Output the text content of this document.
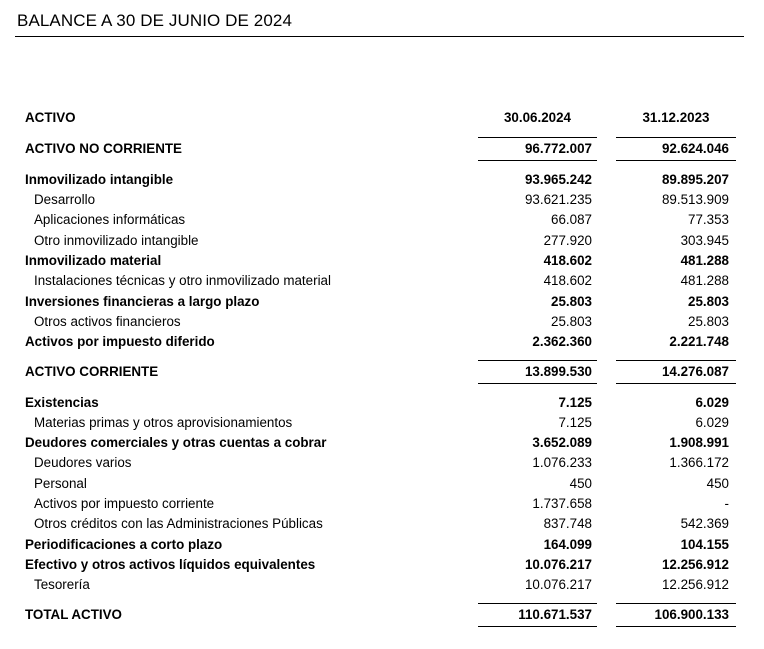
BALANCE A 30 DE JUNIO DE 2024
ACTIVO	30.06.2024	31.12.2023
ACTIVO NO CORRIENTE	96.772.007	92.624.046
Inmovilizado intangible	93.965.242	89.895.207
Desarrollo	93.621.235	89.513.909
Aplicaciones informáticas	66.087	77.353
Otro inmovilizado intangible	277.920	303.945
Inmovilizado material	418.602	481.288
Instalaciones técnicas y otro inmovilizado material	418.602	481.288
Inversiones financieras a largo plazo	25.803	25.803
Otros activos financieros	25.803	25.803
Activos por impuesto diferido	2.362.360	2.221.748
ACTIVO CORRIENTE	13.899.530	14.276.087
Existencias	7.125	6.029
Materias primas y otros aprovisionamientos	7.125	6.029
Deudores comerciales y otras cuentas a cobrar	3.652.089	1.908.991
Deudores varios	1.076.233	1.366.172
Personal	450	450
Activos por impuesto corriente	1.737.658	-
Otros créditos con las Administraciones Públicas	837.748	542.369
Periodificaciones a corto plazo	164.099	104.155
Efectivo y otros activos líquidos equivalentes	10.076.217	12.256.912
Tesorería	10.076.217	12.256.912
TOTAL ACTIVO	110.671.537	106.900.133
